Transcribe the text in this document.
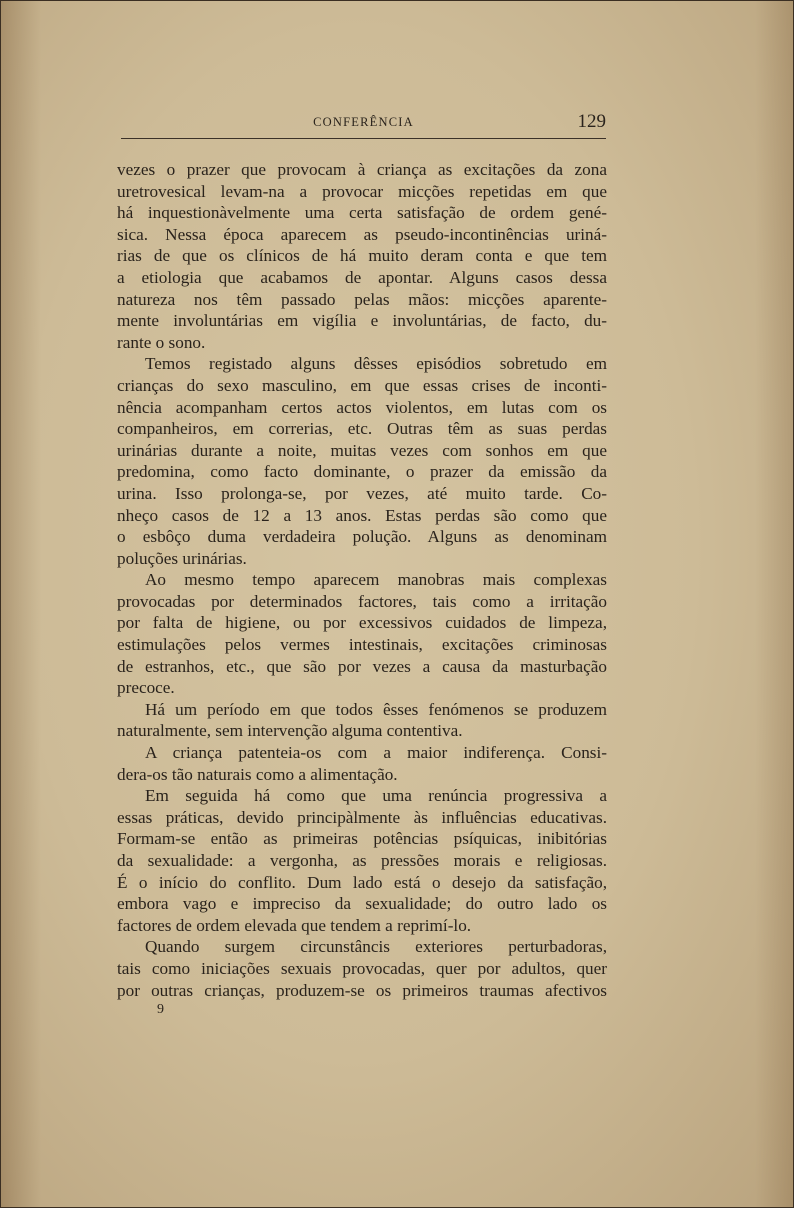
CONFERÊNCIA	129
vezes o prazer que provocam à criança as excitações da zona
uretrovesical levam-na a provocar micções repetidas em que
há inquestionàvelmente uma certa satisfação de ordem gené-
sica. Nessa época aparecem as pseudo-incontinências uriná-
rias de que os clínicos de há muito deram conta e que tem
a etiologia que acabamos de apontar. Alguns casos dessa
natureza nos têm passado pelas mãos: micções aparente-
mente involuntárias em vigília e involuntárias, de facto, du-
rante o sono.
Temos registado alguns dêsses episódios sobretudo em
crianças do sexo masculino, em que essas crises de inconti-
nência acompanham certos actos violentos, em lutas com os
companheiros, em correrias, etc. Outras têm as suas perdas
urinárias durante a noite, muitas vezes com sonhos em que
predomina, como facto dominante, o prazer da emissão da
urina. Isso prolonga-se, por vezes, até muito tarde. Co-
nheço casos de 12 a 13 anos. Estas perdas são como que
o esbôço duma verdadeira polução. Alguns as denominam
poluções urinárias.
Ao mesmo tempo aparecem manobras mais complexas
provocadas por determinados factores, tais como a irritação
por falta de higiene, ou por excessivos cuidados de limpeza,
estimulações pelos vermes intestinais, excitações criminosas
de estranhos, etc., que são por vezes a causa da masturbação
precoce.
Há um período em que todos êsses fenómenos se produzem
naturalmente, sem intervenção alguma contentiva.
A criança patenteia-os com a maior indiferença. Consi-
dera-os tão naturais como a alimentação.
Em seguida há como que uma renúncia progressiva a
essas práticas, devido principàlmente às influências educativas.
Formam-se então as primeiras potências psíquicas, inibitórias
da sexualidade: a vergonha, as pressões morais e religiosas.
É o início do conflito. Dum lado está o desejo da satisfação,
embora vago e impreciso da sexualidade; do outro lado os
factores de ordem elevada que tendem a reprimí-lo.
Quando surgem circunstâncis exteriores perturbadoras,
tais como iniciações sexuais provocadas, quer por adultos, quer
por outras crianças, produzem-se os primeiros traumas afectivos
9
